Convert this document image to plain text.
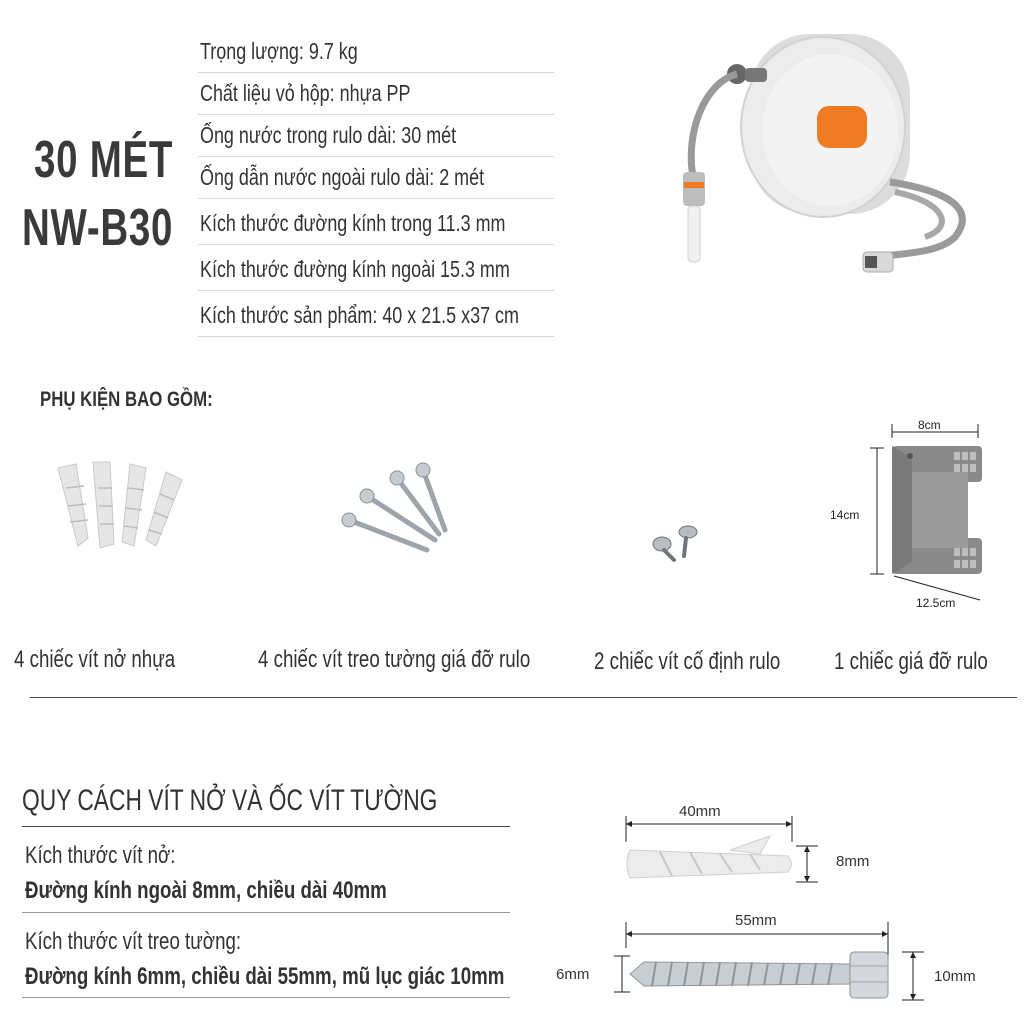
30 MÉT
NW-B30
Trọng lượng: 9.7 kg
Chất liệu vỏ hộp: nhựa PP
Ống nước trong rulo dài: 30 mét
Ống dẫn nước ngoài rulo dài: 2 mét
Kích thước đường kính trong 11.3 mm
Kích thước đường kính ngoài 15.3 mm
Kích thước sản phẩm: 40 x 21.5 x37 cm
PHỤ KIỆN BAO GỒM:
8cm
14cm
12.5cm
4 chiếc vít nở nhựa	4 chiếc vít treo tường giá đỡ rulo	2 chiếc vít cố định rulo 1 chiếc giá đỡ rulo
QUY CÁCH VÍT NỞ VÀ ỐC VÍT TƯỜNG
Kích thước vít nở:
Đường kính ngoài 8mm, chiều dài 40mm
Kích thước vít treo tường:
Đường kính 6mm, chiều dài 55mm, mũ lục giác 10mm
40mm
8mm
55mm
6mm	10mm
